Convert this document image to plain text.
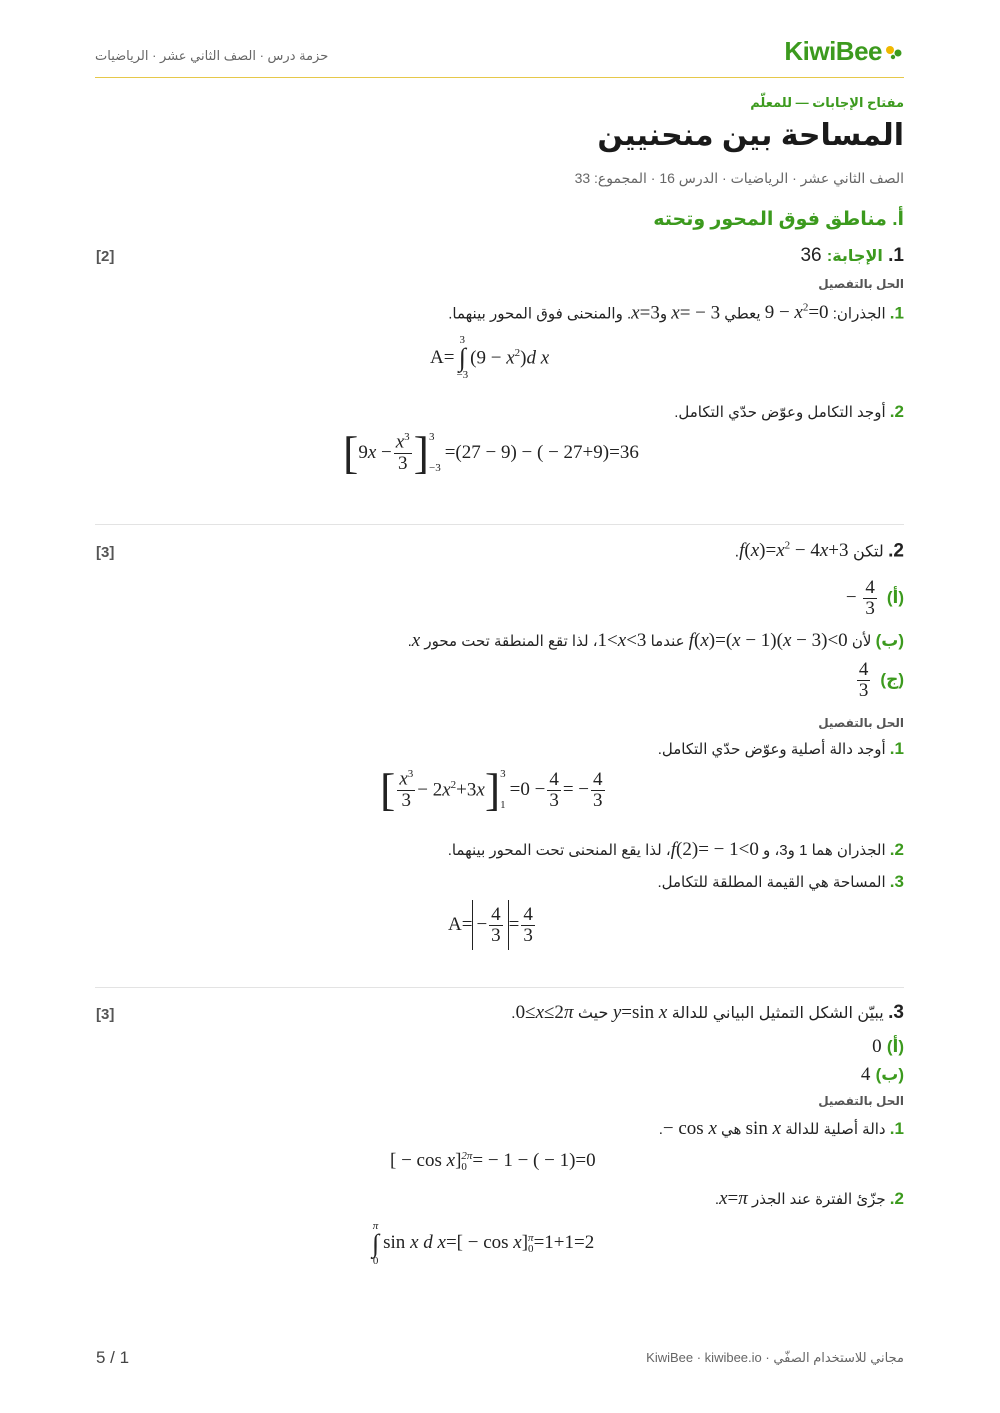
حزمة درس · الصف الثاني عشر · الرياضيات	KiwiBee
مفتاح الإجابات — للمعلّم
المساحة بين منحنيين
الصف الثاني عشر · الرياضيات · الدرس 16 · المجموع: 33
أ. مناطق فوق المحور وتحته
[2]	1. الإجابة: 36
الحل بالتفصيل
1. الجذران: $9 - x^2=0$ يعطي x= − 3 وx=3. والمنحنى فوق المحور بينهما.
A=
3
∫
−3
$(9 - x^2)d$ x
2. أوجد التكامل وعوّض حدّي التكامل.
[ $9x - \frac{x^3}{3}$ ] 3
−3
=(27 − 9) − ( − 27+9)=36
[3]	2. لتكن $f(x)=x^2 - 4x+3$.
(أ)
− $\frac{4}{3}$
(ب) لأن f(x)=(x − 1)(x − 3)<0 عندما 1<x<3، لذا تقع المنطقة تحت محور x.
(ج)
$\frac{4}{3}$
الحل بالتفصيل
1. أوجد دالة أصلية وعوّض حدّي التكامل.
[ $\frac{x^3}{3} - 2x^2+3x$ ] 3
1
$=0 - \frac{4}{3}$ = − $\frac{4}{3}$
2. الجذران هما 1 و3، و f(2)= − 1<0، لذا يقع المنحنى تحت المحور بينهما.
3. المساحة هي القيمة المطلقة للتكامل.
$A= - \frac{4}{3} = \frac{4}{3}$
[3]	3. يبيّن الشكل التمثيل البياني للدالة y=sin x حيث 0≤x≤2π.
(أ) 0
(ب) 4
الحل بالتفصيل
1. دالة أصلية للدالة sin x هي − cos x.
[ − cos x] 2π
0 = − 1 − ( − 1)=0
2. جزّئ الفترة عند الجذر x=π.
π
∫
0
sin x d x=[ − cos x] π
0 =1+1=2
5 / 1	مجاني للاستخدام الصفّي · KiwiBee · kiwibee.io
